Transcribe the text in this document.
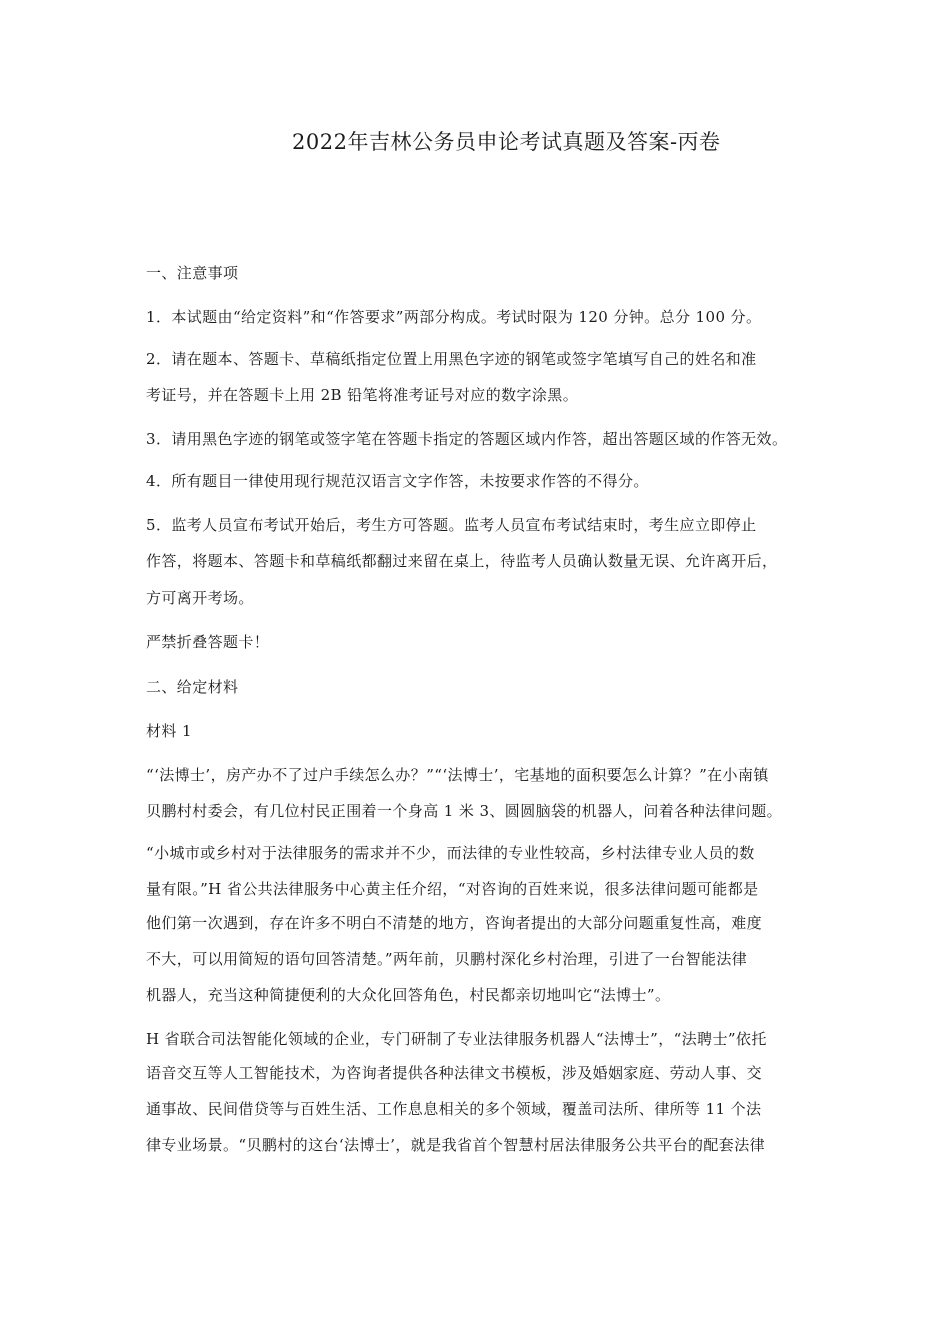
2022年吉林公务员申论考试真题及答案-丙卷
一、注意事项
1．本试题由“给定资料”和“作答要求”两部分构成。考试时限为 120 分钟。总分 100 分。
2．请在题本、答题卡、草稿纸指定位置上用黑色字迹的钢笔或签字笔填写自己的姓名和准
考证号，并在答题卡上用 2B 铅笔将准考证号对应的数字涂黑。
3．请用黑色字迹的钢笔或签字笔在答题卡指定的答题区域内作答，超出答题区域的作答无效。
4．所有题目一律使用现行规范汉语言文字作答，未按要求作答的不得分。
5．监考人员宣布考试开始后，考生方可答题。监考人员宣布考试结束时，考生应立即停止
作答，将题本、答题卡和草稿纸都翻过来留在桌上，待监考人员确认数量无误、允许离开后，
方可离开考场。
严禁折叠答题卡！
二、给定材料
材料 1
“‘法博士’，房产办不了过户手续怎么办？”“‘法博士’，宅基地的面积要怎么计算？”在小南镇
贝鹏村村委会，有几位村民正围着一个身高 1 米 3、圆圆脑袋的机器人，问着各种法律问题。
“小城市或乡村对于法律服务的需求并不少，而法律的专业性较高，乡村法律专业人员的数
量有限。”H 省公共法律服务中心黄主任介绍，“对咨询的百姓来说，很多法律问题可能都是
他们第一次遇到，存在许多不明白不清楚的地方，咨询者提出的大部分问题重复性高，难度
不大，可以用简短的语句回答清楚。”两年前，贝鹏村深化乡村治理，引进了一台智能法律
机器人，充当这种简捷便利的大众化回答角色，村民都亲切地叫它“法博士”。
H 省联合司法智能化领域的企业，专门研制了专业法律服务机器人“法博士”，“法聘士”依托
语音交互等人工智能技术，为咨询者提供各种法律文书模板，涉及婚姻家庭、劳动人事、交
通事故、民间借贷等与百姓生活、工作息息相关的多个领域，覆盖司法所、律所等 11 个法
律专业场景。“贝鹏村的这台‘法博士’，就是我省首个智慧村居法律服务公共平台的配套法律
